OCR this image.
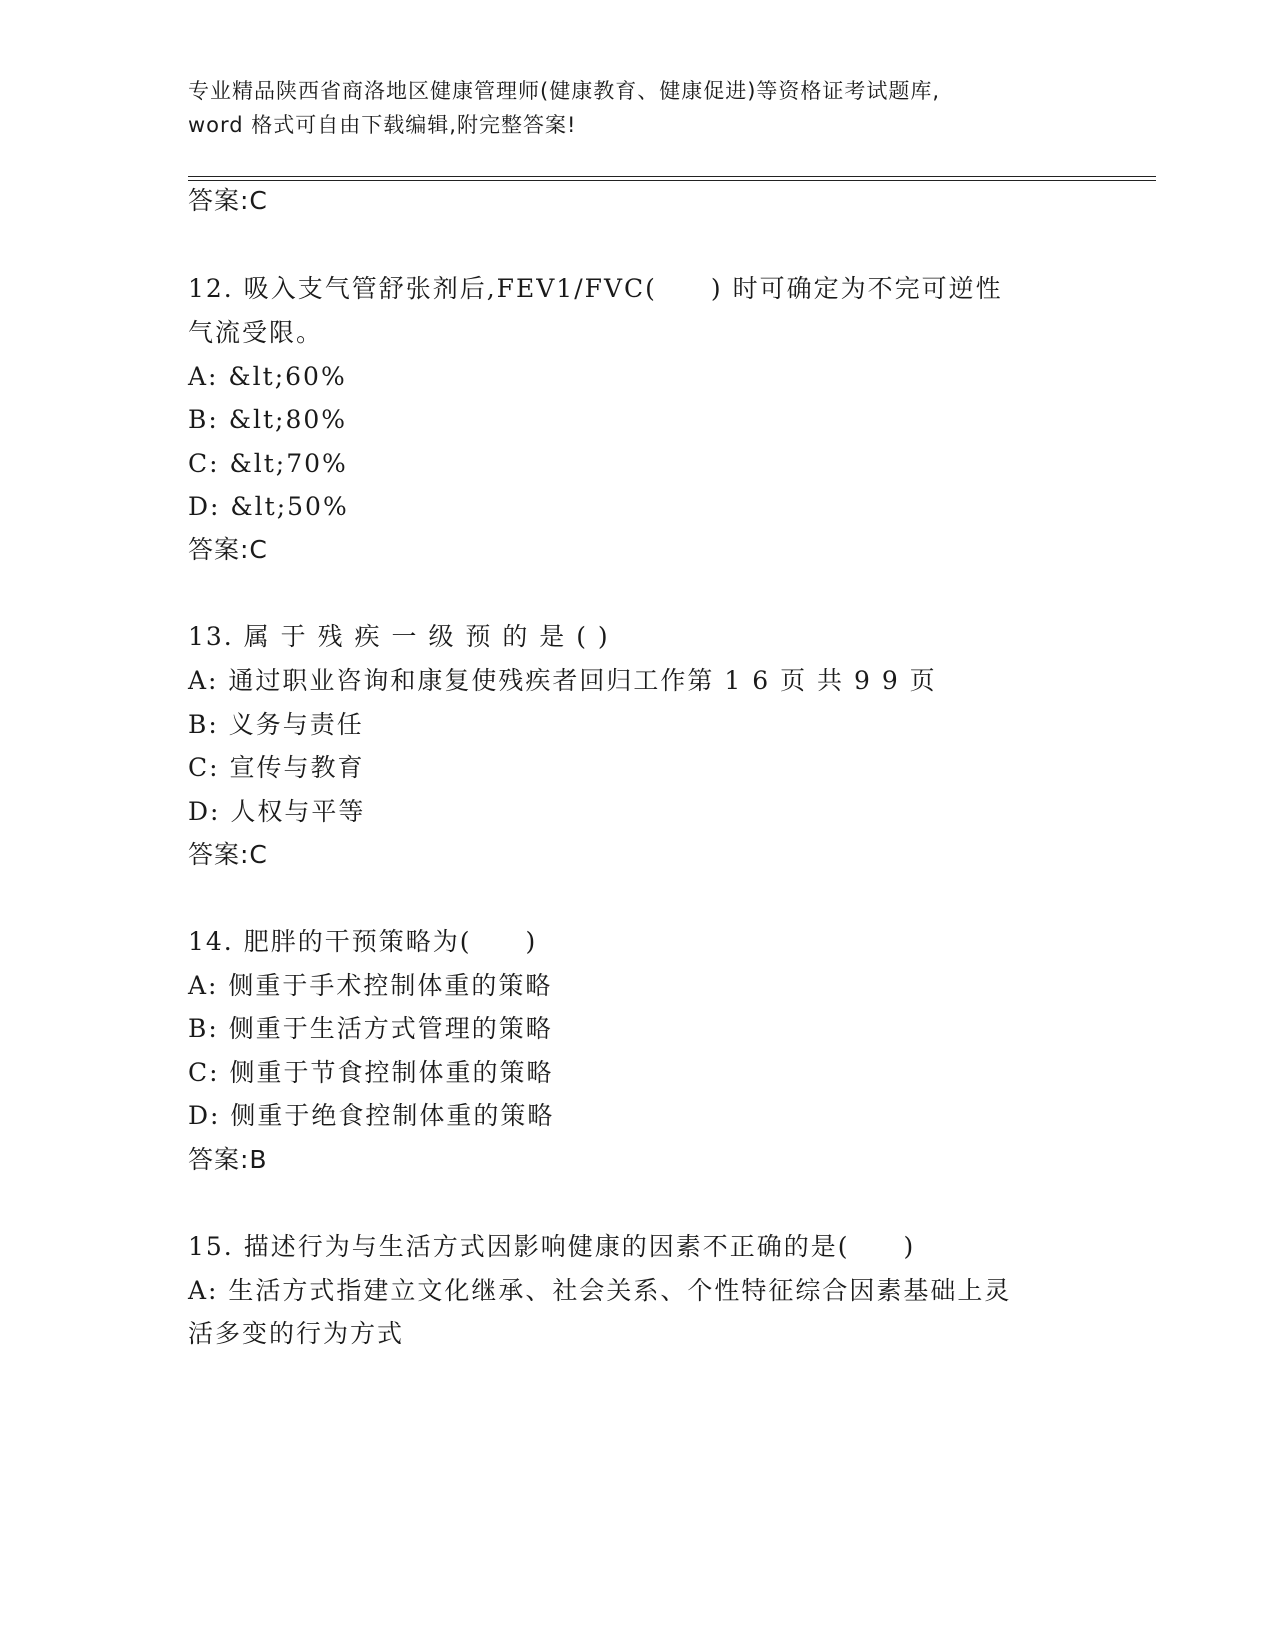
专业精品陕西省商洛地区健康管理师(健康教育、健康促进)等资格证考试题库,
word 格式可自由下载编辑,附完整答案!
答案:C
12. 吸入支气管舒张剂后,FEV1/FVC(　　) 时可确定为不完可逆性
气流受限。
A: &lt;60%
B: &lt;80%
C: &lt;70%
D: &lt;50%
答案:C
13. 属 于 残 疾 一 级 预 的 是 ( )
A: 通过职业咨询和康复使残疾者回归工作第 1 6 页 共 9 9 页
B: 义务与责任
C: 宣传与教育
D: 人权与平等
答案:C
14. 肥胖的干预策略为(　　)
A: 侧重于手术控制体重的策略
B: 侧重于生活方式管理的策略
C: 侧重于节食控制体重的策略
D: 侧重于绝食控制体重的策略
答案:B
15. 描述行为与生活方式因影响健康的因素不正确的是(　　)
A: 生活方式指建立文化继承、社会关系、个性特征综合因素基础上灵
活多变的行为方式
